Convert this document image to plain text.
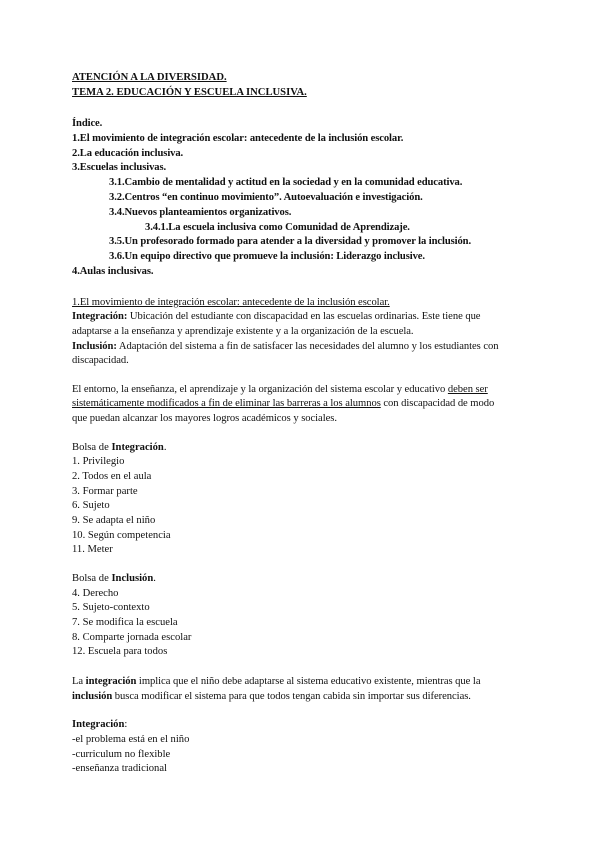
ATENCIÓN A LA DIVERSIDAD.
TEMA 2. EDUCACIÓN Y ESCUELA INCLUSIVA.
Índice.
1.El movimiento de integración escolar: antecedente de la inclusión escolar.
2.La educación inclusiva.
3.Escuelas inclusivas.
3.1.Cambio de mentalidad y actitud en la sociedad y en la comunidad educativa.
3.2.Centros “en continuo movimiento”. Autoevaluación e investigación.
3.4.Nuevos planteamientos organizativos.
3.4.1.La escuela inclusiva como Comunidad de Aprendizaje.
3.5.Un profesorado formado para atender a la diversidad y promover la inclusión.
3.6.Un equipo directivo que promueve la inclusión: Liderazgo inclusive.
4.Aulas inclusivas.
1.El movimiento de integración escolar: antecedente de la inclusión escolar.
Integración: Ubicación del estudiante con discapacidad en las escuelas ordinarias. Este tiene que
adaptarse a la enseñanza y aprendizaje existente y a la organización de la escuela.
Inclusión: Adaptación del sistema a fin de satisfacer las necesidades del alumno y los estudiantes con
discapacidad.
El entorno, la enseñanza, el aprendizaje y la organización del sistema escolar y educativo deben ser
sistemáticamente modificados a fin de eliminar las barreras a los alumnos con discapacidad de modo
que puedan alcanzar los mayores logros académicos y sociales.
Bolsa de Integración.
1. Privilegio
2. Todos en el aula
3. Formar parte
6. Sujeto
9. Se adapta el niño
10. Según competencia
11. Meter
Bolsa de Inclusión.
4. Derecho
5. Sujeto-contexto
7. Se modifica la escuela
8. Comparte jornada escolar
12. Escuela para todos
La integración implica que el niño debe adaptarse al sistema educativo existente, mientras que la
inclusión busca modificar el sistema para que todos tengan cabida sin importar sus diferencias.
Integración:
-el problema está en el niño
-curriculum no flexible
-enseñanza tradicional
